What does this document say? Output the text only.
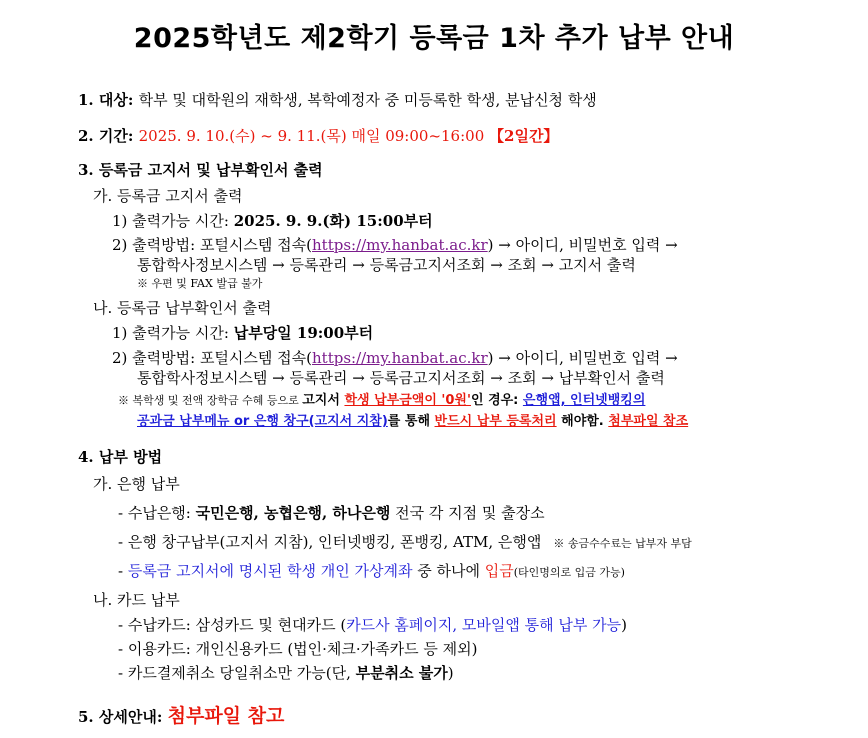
2025학년도 제2학기 등록금 1차 추가 납부 안내
1. 대상: 학부 및 대학원의 재학생, 복학예정자 중 미등록한 학생, 분납신청 학생
2. 기간: 2025. 9. 10.(수) ~ 9. 11.(목) 매일 09:00~16:00 【2일간】
3. 등록금 고지서 및 납부확인서 출력
가. 등록금 고지서 출력
1) 출력가능 시간: 2025. 9. 9.(화) 15:00부터
2) 출력방법: 포털시스템 접속(https://my.hanbat.ac.kr) → 아이디, 비밀번호 입력 →
통합학사정보시스템 → 등록관리 → 등록금고지서조회 → 조회 → 고지서 출력
※ 우편 및 FAX 발급 불가
나. 등록금 납부확인서 출력
1) 출력가능 시간: 납부당일 19:00부터
2) 출력방법: 포털시스템 접속(https://my.hanbat.ac.kr) → 아이디, 비밀번호 입력 →
통합학사정보시스템 → 등록관리 → 등록금고지서조회 → 조회 → 납부확인서 출력
※ 복학생 및 전액 장학금 수혜 등으로 고지서 학생 납부금액이 '0원'인 경우: 은행앱, 인터넷뱅킹의
공과금 납부메뉴 or 은행 창구(고지서 지참)를 통해 반드시 납부 등록처리 해야함. 첨부파일 참조
4. 납부 방법
가. 은행 납부
- 수납은행: 국민은행, 농협은행, 하나은행 전국 각 지점 및 출장소
- 은행 창구납부(고지서 지참), 인터넷뱅킹, 폰뱅킹, ATM, 은행앱 ※ 송금수수료는 납부자 부담
- 등록금 고지서에 명시된 학생 개인 가상계좌 중 하나에 입금(타인명의로 입금 가능)
나. 카드 납부
- 수납카드: 삼성카드 및 현대카드 (카드사 홈페이지, 모바일앱 통해 납부 가능)
- 이용카드: 개인신용카드 (법인·체크·가족카드 등 제외)
- 카드결제취소 당일취소만 가능(단, 부분취소 불가)
5. 상세안내: 첨부파일 참고
